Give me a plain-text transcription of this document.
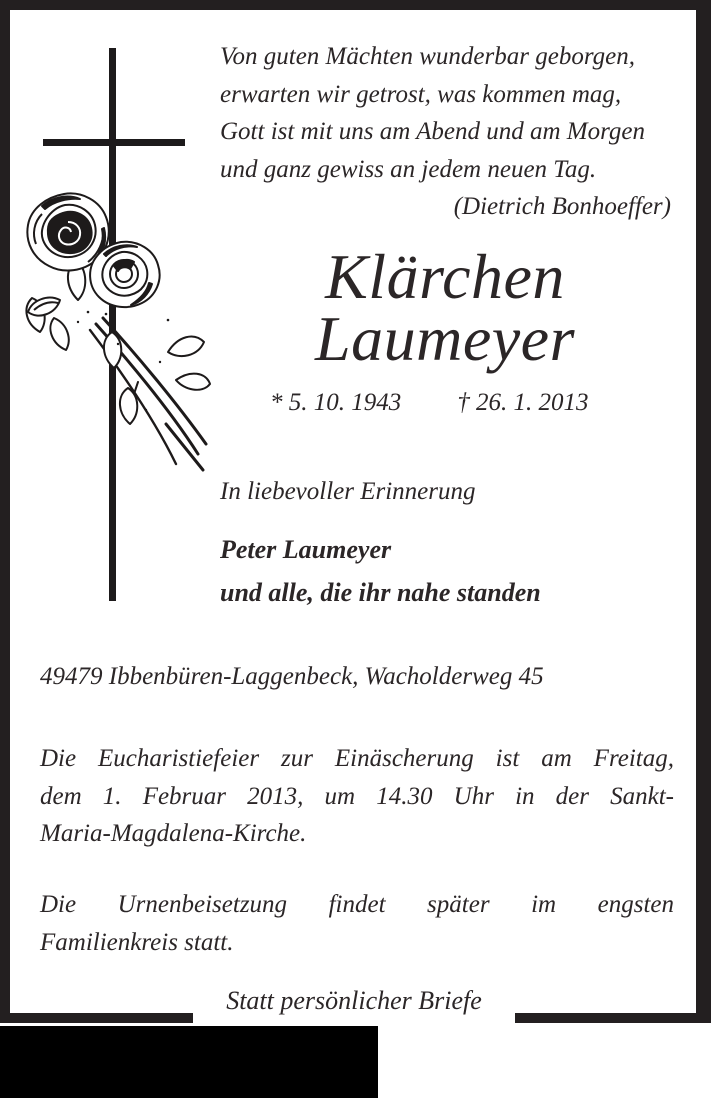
Von guten Mächten wunderbar geborgen,
erwarten wir getrost, was kommen mag,
Gott ist mit uns am Abend und am Morgen
und ganz gewiss an jedem neuen Tag.
(Dietrich Bonhoeffer)
Klärchen
Laumeyer
* 5. 10. 1943 † 26. 1. 2013
In liebevoller Erinnerung
Peter Laumeyer
und alle, die ihr nahe standen
49479 Ibbenbüren-Laggenbeck, Wacholderweg 45
Die Eucharistiefeier zur Einäscherung ist am Freitag,
dem 1. Februar 2013, um 14.30 Uhr in der Sankt-
Maria-Magdalena-Kirche.
Die Urnenbeisetzung findet später im engsten
Familienkreis statt.
Statt persönlicher Briefe
